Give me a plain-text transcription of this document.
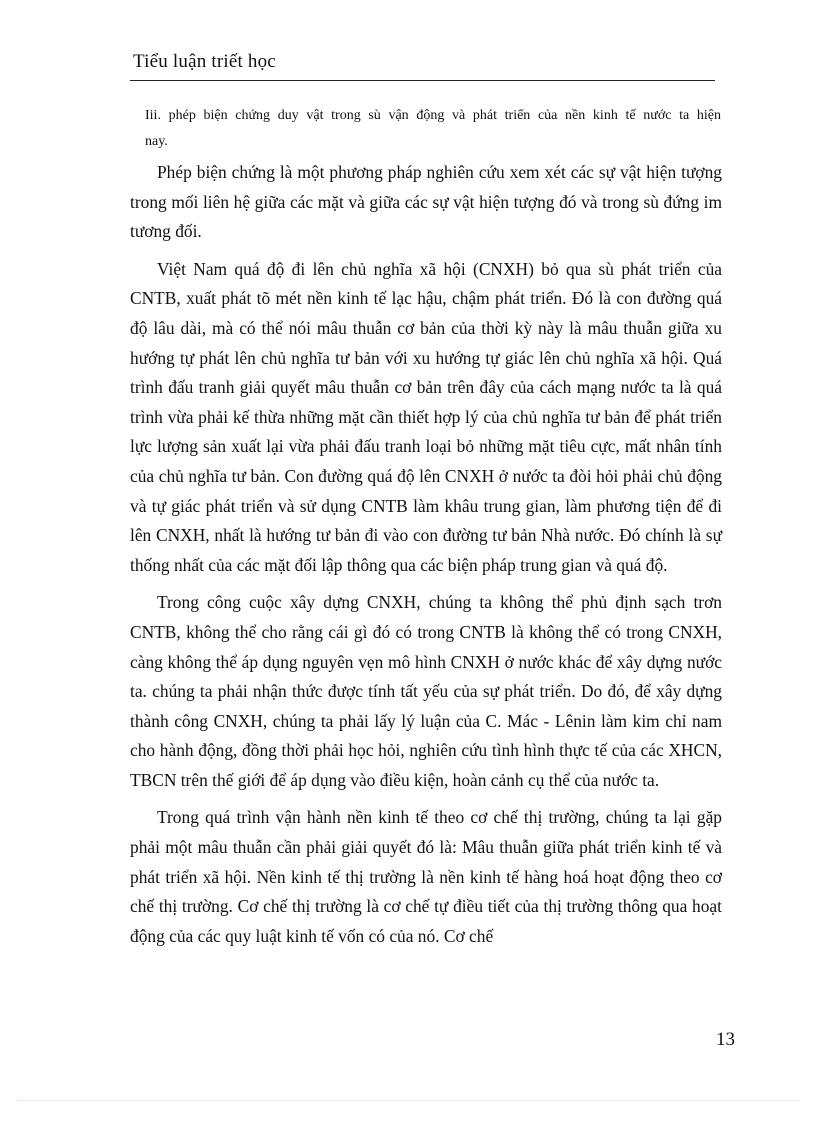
Tiểu luận triết học
Iii. phép biện chứng duy vật trong sù vận động và phát triển của nền kinh tế nước ta hiện nay.

Phép biện chứng là một phương pháp nghiên cứu xem xét các sự vật hiện tượng trong mối liên hệ giữa các mặt và giữa các sự vật hiện tượng đó và trong sù đứng im tương đối.

Việt Nam quá độ đi lên chủ nghĩa xã hội (CNXH) bỏ qua sù phát triển của CNTB, xuất phát tõ mét nền kinh tế lạc hậu, chậm phát triển. Đó là con đường quá độ lâu dài, mà có thể nói mâu thuẫn cơ bản của thời kỳ này là mâu thuẫn giữa xu hướng tự phát lên chủ nghĩa tư bản với xu hướng tự giác lên chủ nghĩa xã hội. Quá trình đấu tranh giải quyết mâu thuẫn cơ bản trên đây của cách mạng nước ta là quá trình vừa phải kế thừa những mặt cần thiết hợp lý của chủ nghĩa tư bản để phát triển lực lượng sản xuất lại vừa phải đấu tranh loại bỏ những mặt tiêu cực, mất nhân tính của chủ nghĩa tư bản. Con đường quá độ lên CNXH ở nước ta đòi hỏi phải chủ động và tự giác phát triển và sử dụng CNTB làm khâu trung gian, làm phương tiện để đi lên CNXH, nhất là hướng tư bản đi vào con đường tư bản Nhà nước. Đó chính là sự thống nhất của các mặt đối lập thông qua các biện pháp trung gian và quá độ.

Trong công cuộc xây dựng CNXH, chúng ta không thể phủ định sạch trơn CNTB, không thể cho rằng cái gì đó có trong CNTB là không thể có trong CNXH, càng không thể áp dụng nguyên vẹn mô hình CNXH ở nước khác để xây dựng nước ta. chúng ta phải nhận thức được tính tất yếu của sự phát triển. Do đó, để xây dựng thành công CNXH, chúng ta phải lấy lý luận của C. Mác - Lênin làm kim chỉ nam cho hành động, đồng thời phải học hỏi, nghiên cứu tình hình thực tế của các XHCN, TBCN trên thế giới để áp dụng vào điều kiện, hoàn cảnh cụ thể của nước ta.

Trong quá trình vận hành nền kinh tế theo cơ chế thị trường, chúng ta lại gặp phải một mâu thuẫn cần phải giải quyết đó là: Mâu thuẫn giữa phát triển kinh tế và phát triển xã hội. Nền kinh tế thị trường là nền kinh tế hàng hoá hoạt động theo cơ chế thị trường. Cơ chế thị trường là cơ chế tự điều tiết của thị trường thông qua hoạt động của các quy luật kinh tế vốn có của nó. Cơ chế

13
